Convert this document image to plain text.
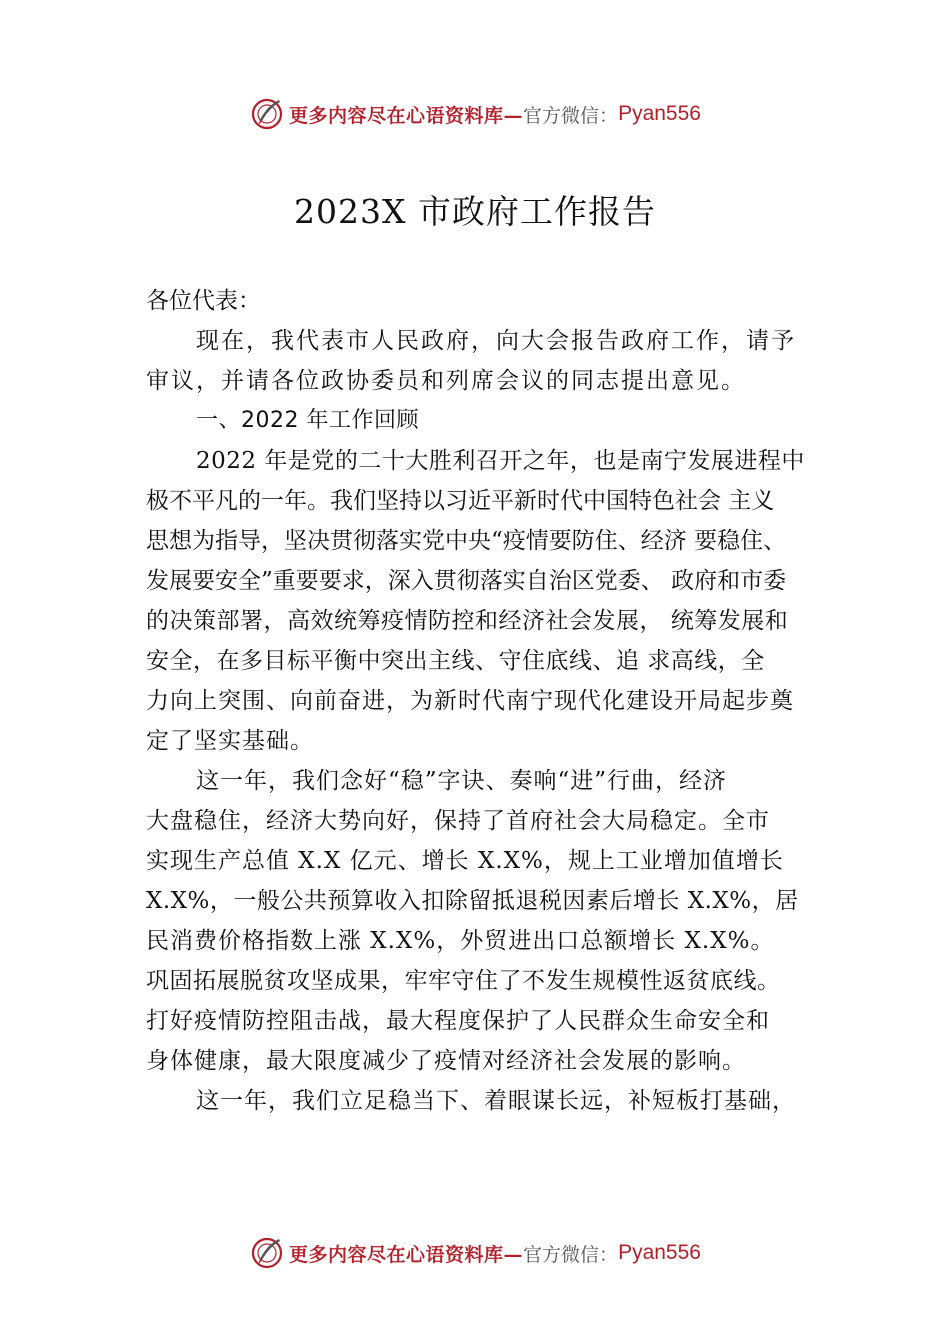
更多内容尽在心语资料库— 官方微信： Pyan556
2023X 市政府工作报告
各位代表：
现在，我代表市人民政府，向大会报告政府工作，请予
审议，并请各位政协委员和列席会议的同志提出意见。
一、2022 年工作回顾
2022 年是党的二十大胜利召开之年，也是南宁发展进程中
极不平凡的一年。我们坚持以习近平新时代中国特色社会 主义
思想为指导，坚决贯彻落实党中央“疫情要防住、经济 要稳住、
发展要安全”重要要求，深入贯彻落实自治区党委、 政府和市委
的决策部署，高效统筹疫情防控和经济社会发展， 统筹发展和
安全，在多目标平衡中突出主线、守住底线、追 求高线，全
力向上突围、向前奋进，为新时代南宁现代化建设开局起步奠
定了坚实基础。
这一年，我们念好“稳”字诀、奏响“进”行曲，经济
大盘稳住，经济大势向好，保持了首府社会大局稳定。全市
实现生产总值 X.X 亿元、增长 X.X%，规上工业增加值增长
X.X%，一般公共预算收入扣除留抵退税因素后增长 X.X%，居
民消费价格指数上涨 X.X%，外贸进出口总额增长 X.X%。
巩固拓展脱贫攻坚成果，牢牢守住了不发生规模性返贫底线。
打好疫情防控阻击战，最大程度保护了人民群众生命安全和
身体健康，最大限度减少了疫情对经济社会发展的影响。
这一年，我们立足稳当下、着眼谋长远，补短板打基础，
更多内容尽在心语资料库— 官方微信： Pyan556
